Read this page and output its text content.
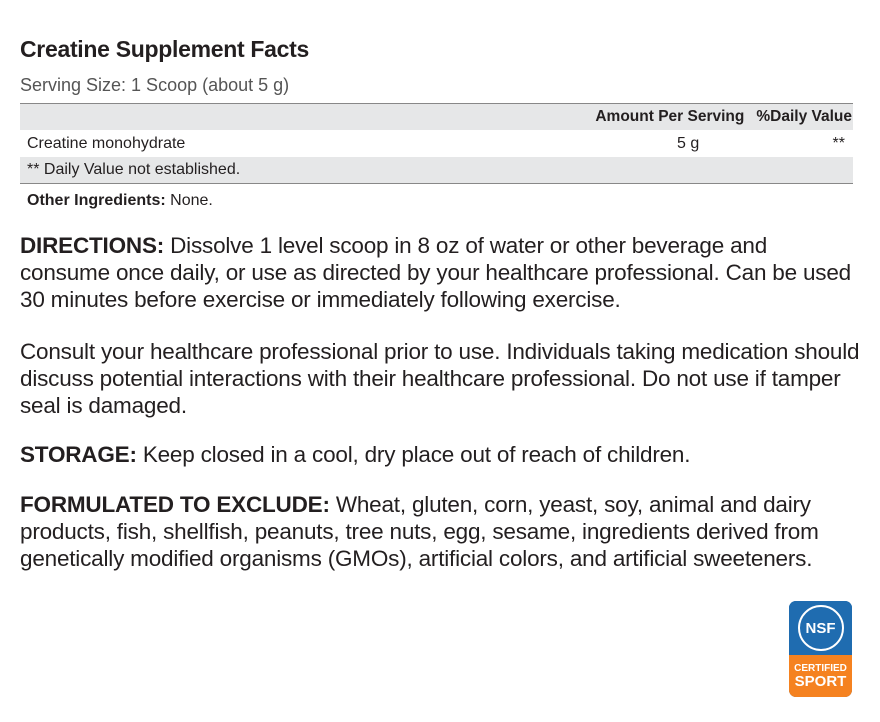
Creatine Supplement Facts
Serving Size: 1 Scoop (about 5 g)
Amount Per Serving %Daily Value
Creatine monohydrate	5 g	**
** Daily Value not established.
Other Ingredients: None.
DIRECTIONS: Dissolve 1 level scoop in 8 oz of water or other beverage and consume once daily, or use as directed by your healthcare professional. Can be used 30 minutes before exercise or immediately following exercise.
Consult your healthcare professional prior to use. Individuals taking medication should discuss potential interactions with their healthcare professional. Do not use if tamper seal is damaged.
STORAGE: Keep closed in a cool, dry place out of reach of children.
FORMULATED TO EXCLUDE: Wheat, gluten, corn, yeast, soy, animal and dairy products, fish, shellfish, peanuts, tree nuts, egg, sesame, ingredients derived from genetically modified organisms (GMOs), artificial colors, and artificial sweeteners.
NSF
CERTIFIED
SPORT
